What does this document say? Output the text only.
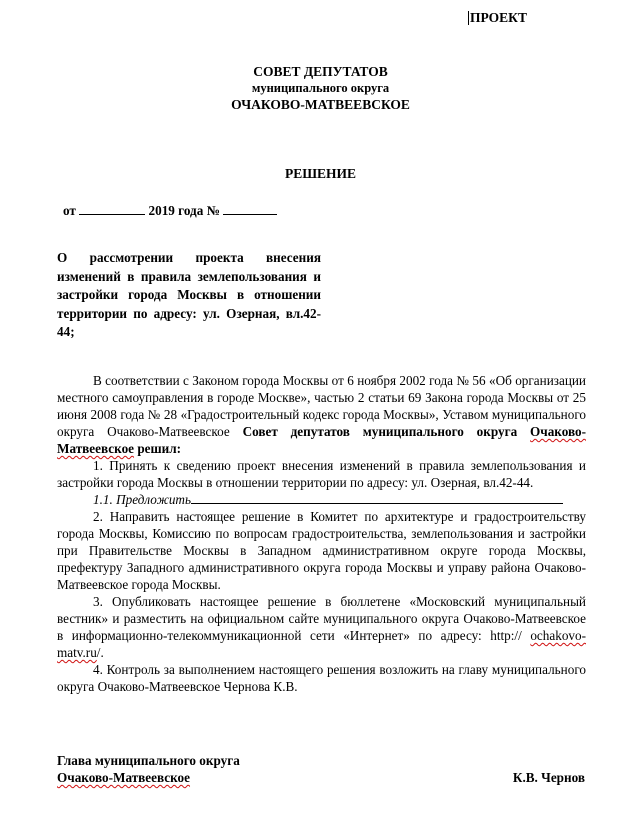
ПРОЕКТ
СОВЕТ ДЕПУТАТОВ
муниципального округа
ОЧАКОВО-МАТВЕЕВСКОЕ
РЕШЕНИЕ
от	2019 года №
О рассмотрении проекта внесения изменений в правила землепользования и застройки города Москвы в отношении территории по адресу: ул. Озерная, вл.42-44;

В соответствии с Законом города Москвы от 6 ноября 2002 года № 56 «Об организации местного самоуправления в городе Москве», частью 2 статьи 69 Закона города Москвы от 25 июня 2008 года № 28 «Градостроительный кодекс города Москвы», Уставом муниципального округа Очаково-Матвеевское Совет депутатов муниципального округа Очаково-Матвеевское решил:

1. Принять к сведению проект внесения изменений в правила землепользования и застройки города Москвы в отношении территории по адресу: ул. Озерная, вл.42-44.

1.1. Предложить

2. Направить настоящее решение в Комитет по архитектуре и градостроительству города Москвы, Комиссию по вопросам градостроительства, землепользования и застройки при Правительстве Москвы в Западном административном округе города Москвы, префектуру Западного административного округа города Москвы и управу района Очаково-Матвеевское города Москвы.

3. Опубликовать настоящее решение в бюллетене «Московский муниципальный вестник» и разместить на официальном сайте муниципального округа Очаково-Матвеевское в информационно-телекоммуникационной сети «Интернет» по адресу: http:// ochakovo-matv.ru/.

4. Контроль за выполнением настоящего решения возложить на главу муниципального округа Очаково-Матвеевское Чернова К.В.

Глава муниципального округа
Очаково-Матвеевское	К.В. Чернов
